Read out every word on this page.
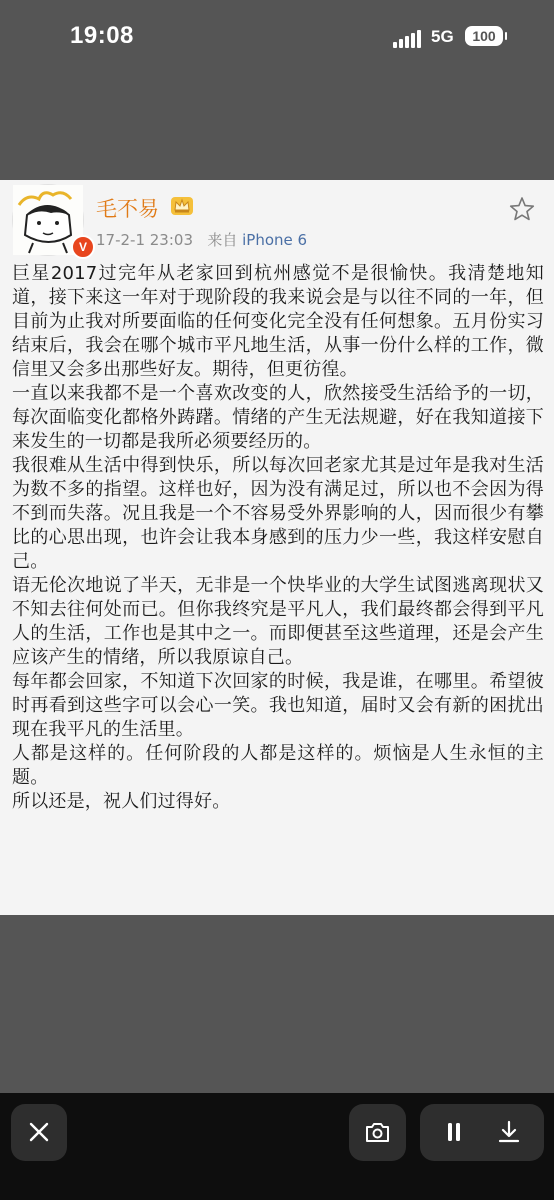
19:08	5G	100
V
毛不易
17-2-1 23:03 来自 iPhone 6

巨星2017过完年从老家回到杭州感觉不是很愉快。我清楚地知道，接下来这一年对于现阶段的我来说会是与以往不同的一年，但目前为止我对所要面临的任何变化完全没有任何想象。五月份实习结束后，我会在哪个城市平凡地生活，从事一份什么样的工作，微信里又会多出那些好友。期待，但更彷徨。

一直以来我都不是一个喜欢改变的人，欣然接受生活给予的一切，每次面临变化都格外踌躇。情绪的产生无法规避，好在我知道接下来发生的一切都是我所必须要经历的。

我很难从生活中得到快乐，所以每次回老家尤其是过年是我对生活为数不多的指望。这样也好，因为没有满足过，所以也不会因为得不到而失落。况且我是一个不容易受外界影响的人，因而很少有攀比的心思出现，也许会让我本身感到的压力少一些，我这样安慰自己。

语无伦次地说了半天，无非是一个快毕业的大学生试图逃离现状又不知去往何处而已。但你我终究是平凡人，我们最终都会得到平凡人的生活，工作也是其中之一。而即便甚至这些道理，还是会产生应该产生的情绪，所以我原谅自己。

每年都会回家，不知道下次回家的时候，我是谁，在哪里。希望彼时再看到这些字可以会心一笑。我也知道，届时又会有新的困扰出现在我平凡的生活里。

人都是这样的。任何阶段的人都是这样的。烦恼是人生永恒的主题。

所以还是，祝人们过得好。
